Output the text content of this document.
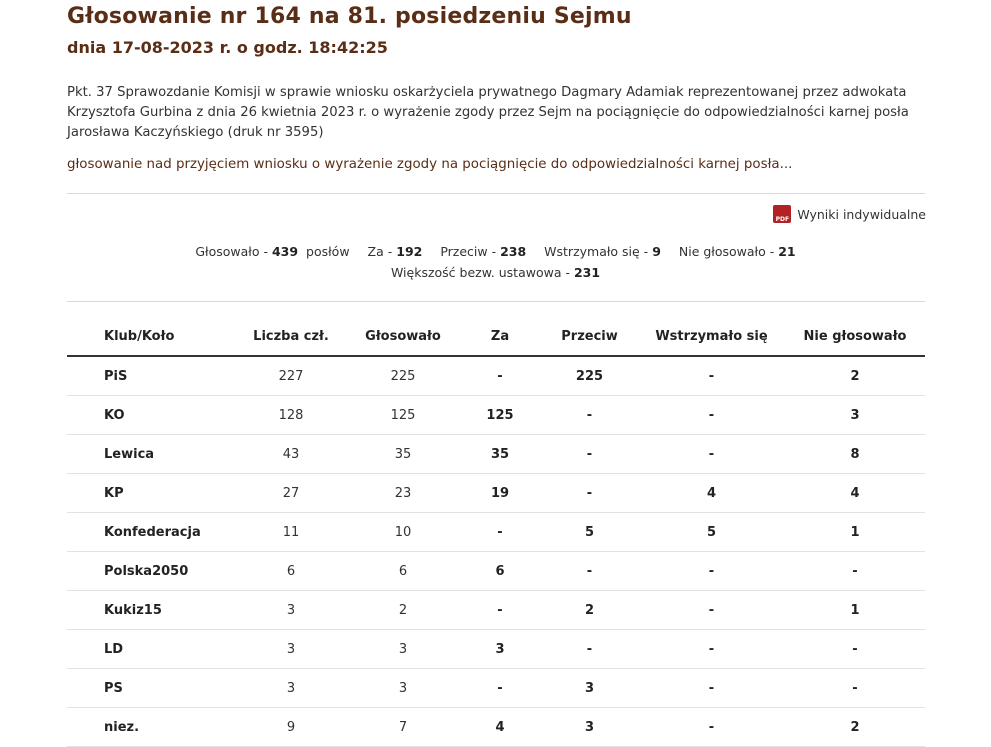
Głosowanie nr 164 na 81. posiedzeniu Sejmu

dnia 17-08-2023 r. o godz. 18:42:25

Pkt. 37 Sprawozdanie Komisji w sprawie wniosku oskarżyciela prywatnego Dagmary Adamiak reprezentowanej przez adwokata Krzysztofa Gurbina z dnia 26 kwietnia 2023 r. o wyrażenie zgody przez Sejm na pociągnięcie do odpowiedzialności karnej posła Jarosława Kaczyńskiego (druk nr 3595)

głosowanie nad przyjęciem wniosku o wyrażenie zgody na pociągnięcie do odpowiedzialności karnej posła...

PDF Wyniki indywidualne
Głosowało - 439 posłów Za - 192 Przeciw - 238 Wstrzymało się - 9 Nie głosowało - 21
Większość bezw. ustawowa - 231
Klub/Koło	Liczba czł.	Głosowało	Za	Przeciw	Wstrzymało się	Nie głosowało
PiS	227	225	-	225	-	2
KO	128	125	125	-	-	3
Lewica	43	35	35	-	-	8
KP	27	23	19	-	4	4
Konfederacja	11	10	-	5	5	1
Polska2050	6	6	6	-	-	-
Kukiz15	3	2	-	2	-	1
LD	3	3	3	-	-	-
PS	3	3	-	3	-	-
niez.	9	7	4	3	-	2
